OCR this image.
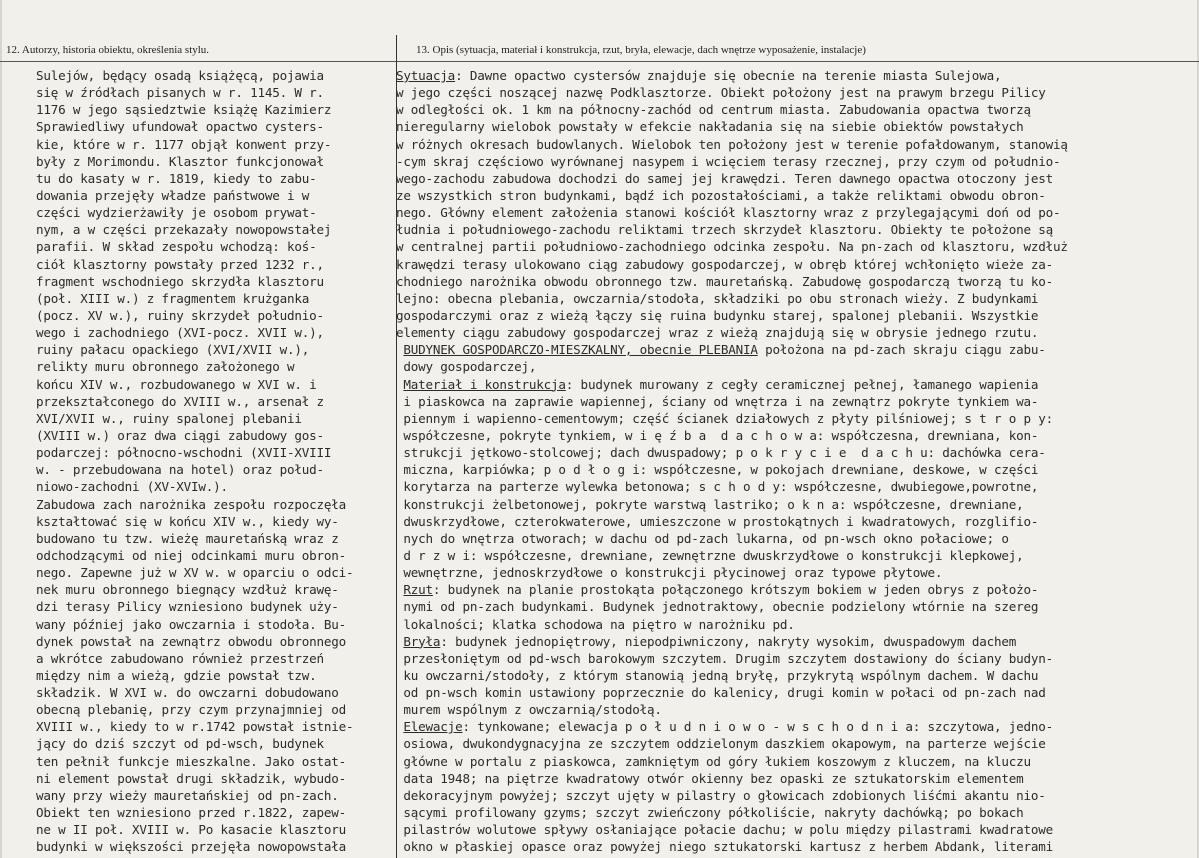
12. Autorzy, historia obiektu, określenia stylu.	13. Opis (sytuacja, materiał i konstrukcja, rzut, bryła, elewacje, dach wnętrze wyposażenie, instalacje)
Sulejów, będący osadą książęcą, pojawia
się w źródłach pisanych w r. 1145. W r.
1176 w jego sąsiedztwie książę Kazimierz
Sprawiedliwy ufundował opactwo cysters-
kie, które w r. 1177 objął konwent przy-
były z Morimondu. Klasztor funkcjonował
tu do kasaty w r. 1819, kiedy to zabu-
dowania przejęły władze państwowe i w
części wydzierżawiły je osobom prywat-
nym, a w części przekazały nowopowstałej
parafii. W skład zespołu wchodzą: koś-
ciół klasztorny powstały przed 1232 r.,
fragment wschodniego skrzydła klasztoru
(poł. XIII w.) z fragmentem krużganka
(pocz. XV w.), ruiny skrzydeł południo-
wego i zachodniego (XVI-pocz. XVII w.),
ruiny pałacu opackiego (XVI/XVII w.),
relikty muru obronnego założonego w
końcu XIV w., rozbudowanego w XVI w. i
przekształconego do XVIII w., arsenał z
XVI/XVII w., ruiny spalonej plebanii
(XVIII w.) oraz dwa ciągi zabudowy gos-
podarczej: północno-wschodni (XVII-XVIII
w. - przebudowana na hotel) oraz połud-
niowo-zachodni (XV-XVIw.).
Zabudowa zach narożnika zespołu rozpoczęła
kształtować się w końcu XIV w., kiedy wy-
budowano tu tzw. wieżę mauretańską wraz z
odchodzącymi od niej odcinkami muru obron-
nego. Zapewne już w XV w. w oparciu o odci-
nek muru obronnego biegnący wzdłuż krawę-
dzi terasy Pilicy wzniesiono budynek uży-
wany później jako owczarnia i stodoła. Bu-
dynek powstał na zewnątrz obwodu obronnego
a wkrótce zabudowano również przestrzeń
między nim a wieżą, gdzie powstał tzw.
składzik. W XVI w. do owczarni dobudowano
obecną plebanię, przy czym przynajmniej od
XVIII w., kiedy to w r.1742 powstał istnie-
jący do dziś szczyt od pd-wsch, budynek
ten pełnił funkcje mieszkalne. Jako ostat-
ni element powstał drugi składzik, wybudo-
wany przy wieży mauretańskiej od pn-zach.
Obiekt ten wzniesiono przed r.1822, zapew-
ne w II poł. XVIII w. Po kasacie klasztoru
budynki w większości przejęła nowopowstała
Sytuacja: Dawne opactwo cystersów znajduje się obecnie na terenie miasta Sulejowa,
w jego części noszącej nazwę Podklasztorze. Obiekt położony jest na prawym brzegu Pilicy
w odległości ok. 1 km na północny-zachód od centrum miasta. Zabudowania opactwa tworzą
nieregularny wielobok powstały w efekcie nakładania się na siebie obiektów powstałych
w różnych okresach budowlanych. Wielobok ten położony jest w terenie pofałdowanym, stanowią
-cym skraj częściowo wyrównanej nasypem i wcięciem terasy rzecznej, przy czym od południo-
wego-zachodu zabudowa dochodzi do samej jej krawędzi. Teren dawnego opactwa otoczony jest
ze wszystkich stron budynkami, bądź ich pozostałościami, a także reliktami obwodu obron-
nego. Główny element założenia stanowi kościół klasztorny wraz z przylegającymi doń od po-
łudnia i południowego-zachodu reliktami trzech skrzydeł klasztoru. Obiekty te położone są
w centralnej partii południowo-zachodniego odcinka zespołu. Na pn-zach od klasztoru, wzdłuż
krawędzi terasy ulokowano ciąg zabudowy gospodarczej, w obręb której wchłonięto wieże za-
chodniego narożnika obwodu obronnego tzw. mauretańską. Zabudowę gospodarczą tworzą tu ko-
lejno: obecna plebania, owczarnia/stodoła, składziki po obu stronach wieży. Z budynkami
gospodarczymi oraz z wieżą łączy się ruina budynku starej, spalonej plebanii. Wszystkie
elementy ciągu zabudowy gospodarczej wraz z wieżą znajdują się w obrysie jednego rzutu.
BUDYNEK GOSPODARCZO-MIESZKALNY, obecnie PLEBANIA położona na pd-zach skraju ciągu zabu-
dowy gospodarczej,
Materiał i konstrukcja: budynek murowany z cegły ceramicznej pełnej, łamanego wapienia
i piaskowca na zaprawie wapiennej, ściany od wnętrza i na zewnątrz pokryte tynkiem wa-
piennym i wapienno-cementowym; część ścianek działowych z płyty pilśniowej; s t r o p y:
współczesne, pokryte tynkiem, w i ę ź b a  d a c h o w a: współczesna, drewniana, kon-
strukcji jętkowo-stolcowej; dach dwuspadowy; p o k r y c i e  d a c h u: dachówka cera-
miczna, karpiówka; p o d ł o g i: współczesne, w pokojach drewniane, deskowe, w części
korytarza na parterze wylewka betonowa; s c h o d y: współczesne, dwubiegowe,powrotne,
konstrukcji żelbetonowej, pokryte warstwą lastriko; o k n a: współczesne, drewniane,
dwuskrzydłowe, czterokwaterowe, umieszczone w prostokątnych i kwadratowych, rozglifio-
nych do wnętrza otworach; w dachu od pd-zach lukarna, od pn-wsch okno połaciowe; o
d r z w i: współczesne, drewniane, zewnętrzne dwuskrzydłowe o konstrukcji klepkowej,
wewnętrzne, jednoskrzydłowe o konstrukcji płycinowej oraz typowe płytowe.
Rzut: budynek na planie prostokąta połączonego krótszym bokiem w jeden obrys z położo-
nymi od pn-zach budynkami. Budynek jednotraktowy, obecnie podzielony wtórnie na szereg
lokalności; klatka schodowa na piętro w narożniku pd.
Bryła: budynek jednopiętrowy, niepodpiwniczony, nakryty wysokim, dwuspadowym dachem
przesłoniętym od pd-wsch barokowym szczytem. Drugim szczytem dostawiony do ściany budyn-
ku owczarni/stodoły, z którym stanowią jedną bryłę, przykrytą wspólnym dachem. W dachu
od pn-wsch komin ustawiony poprzecznie do kalenicy, drugi komin w połaci od pn-zach nad
murem wspólnym z owczarnią/stodołą.
Elewacje: tynkowane; elewacja p o ł u d n i o w o - w s c h o d n i a: szczytowa, jedno-
osiowa, dwukondygnacyjna ze szczytem oddzielonym daszkiem okapowym, na parterze wejście
główne w portalu z piaskowca, zamkniętym od góry łukiem koszowym z kluczem, na kluczu
data 1948; na piętrze kwadratowy otwór okienny bez opaski ze sztukatorskim elementem
dekoracyjnym powyżej; szczyt ujęty w pilastry o głowicach zdobionych liśćmi akantu nio-
sącymi profilowany gzyms; szczyt zwieńczony półkoliście, nakryty dachówką; po bokach
pilastrów wolutowe spływy osłaniające połacie dachu; w polu między pilastrami kwadratowe
okno w płaskiej opasce oraz powyżej niego sztukatorski kartusz z herbem Abdank, literami
